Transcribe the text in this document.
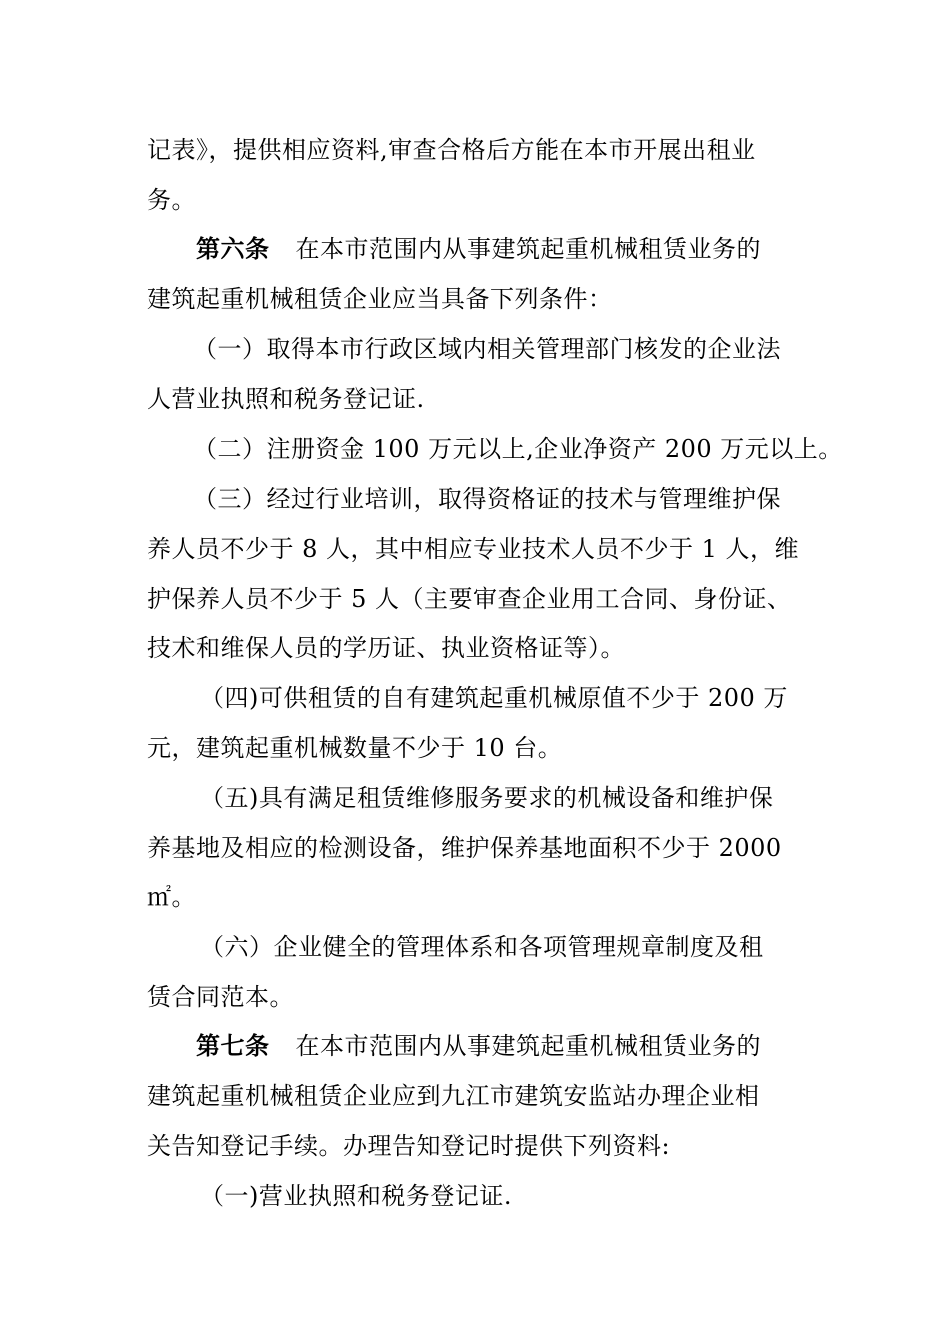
记表》，提供相应资料,审查合格后方能在本市开展出租业
务。
第六条 在本市范围内从事建筑起重机械租赁业务的
建筑起重机械租赁企业应当具备下列条件：
（一）取得本市行政区域内相关管理部门核发的企业法
人营业执照和税务登记证.
（二）注册资金 100 万元以上,企业净资产 200 万元以上。
（三）经过行业培训，取得资格证的技术与管理维护保
养人员不少于 8 人，其中相应专业技术人员不少于 1 人，维
护保养人员不少于 5 人（主要审查企业用工合同、身份证、
技术和维保人员的学历证、执业资格证等）。
（四)可供租赁的自有建筑起重机械原值不少于 200 万
元，建筑起重机械数量不少于 10 台。
（五)具有满足租赁维修服务要求的机械设备和维护保
养基地及相应的检测设备，维护保养基地面积不少于 2000
㎡。
（六）企业健全的管理体系和各项管理规章制度及租
赁合同范本。
第七条 在本市范围内从事建筑起重机械租赁业务的
建筑起重机械租赁企业应到九江市建筑安监站办理企业相
关告知登记手续。办理告知登记时提供下列资料:
（一)营业执照和税务登记证.
